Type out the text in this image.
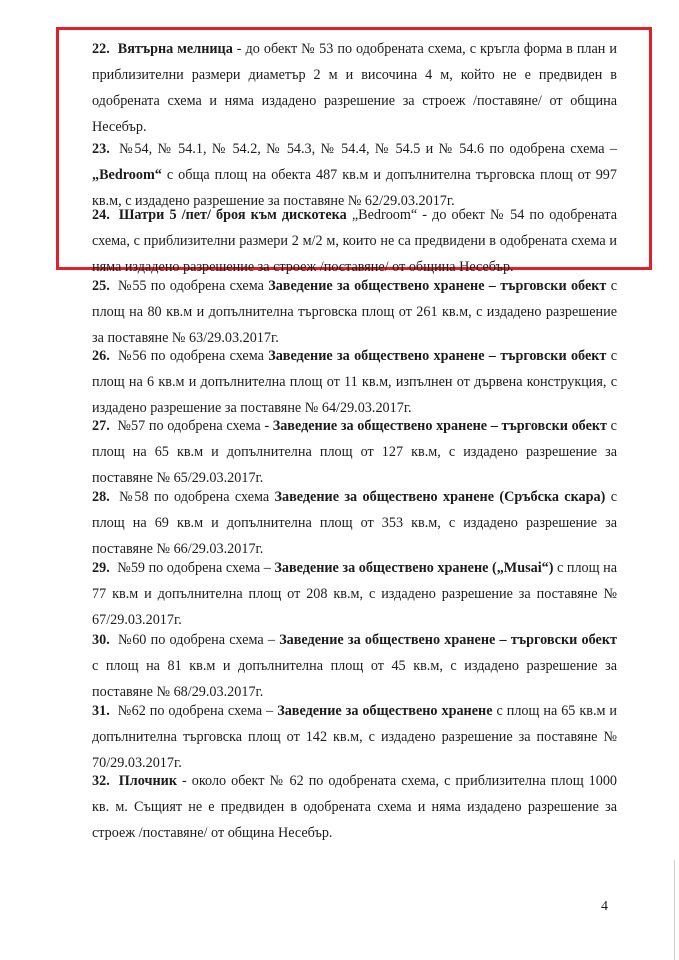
22. Вятърна мелница - до обект № 53 по одобрената схема, с кръгла форма в план и приблизителни размери диаметър 2 м и височина 4 м, който не е предвиден в одобрената схема и няма издадено разрешение за строеж /поставяне/ от община Несебър.

23. №54, № 54.1, № 54.2, № 54.3, № 54.4, № 54.5 и № 54.6 по одобрена схема – „Bedroom“ с обща площ на обекта 487 кв.м и допълнителна търговска площ от 997 кв.м, с издадено разрешение за поставяне № 62/29.03.2017г.

24. Шатри 5 /пет/ броя към дискотека „Bedroom“ - до обект № 54 по одобрената схема, с приблизителни размери 2 м/2 м, които не са предвидени в одобрената схема и няма издадено разрешение за строеж /поставяне/ от община Несебър.

25. №55 по одобрена схема Заведение за обществено хранене – търговски обект с площ на 80 кв.м и допълнителна търговска площ от 261 кв.м, с издадено разрешение за поставяне № 63/29.03.2017г.

26. №56 по одобрена схема Заведение за обществено хранене – търговски обект с площ на 6 кв.м и допълнителна площ от 11 кв.м, изпълнен от дървена конструкция, с издадено разрешение за поставяне № 64/29.03.2017г.

27. №57 по одобрена схема - Заведение за обществено хранене – търговски обект с площ на 65 кв.м и допълнителна площ от 127 кв.м, с издадено разрешение за поставяне № 65/29.03.2017г.

28. №58 по одобрена схема Заведение за обществено хранене (Сръбска скара) с площ на 69 кв.м и допълнителна площ от 353 кв.м, с издадено разрешение за поставяне № 66/29.03.2017г.

29. №59 по одобрена схема – Заведение за обществено хранене („Musai“) с площ на 77 кв.м и допълнителна площ от 208 кв.м, с издадено разрешение за поставяне № 67/29.03.2017г.

30. №60 по одобрена схема – Заведение за обществено хранене – търговски обект с площ на 81 кв.м и допълнителна площ от 45 кв.м, с издадено разрешение за поставяне № 68/29.03.2017г.

31. №62 по одобрена схема – Заведение за обществено хранене с площ на 65 кв.м и допълнителна търговска площ от 142 кв.м, с издадено разрешение за поставяне № 70/29.03.2017г.

32. Плочник - около обект № 62 по одобрената схема, с приблизителна площ 1000 кв. м. Същият не е предвиден в одобрената схема и няма издадено разрешение за строеж /поставяне/ от община Несебър.

4
